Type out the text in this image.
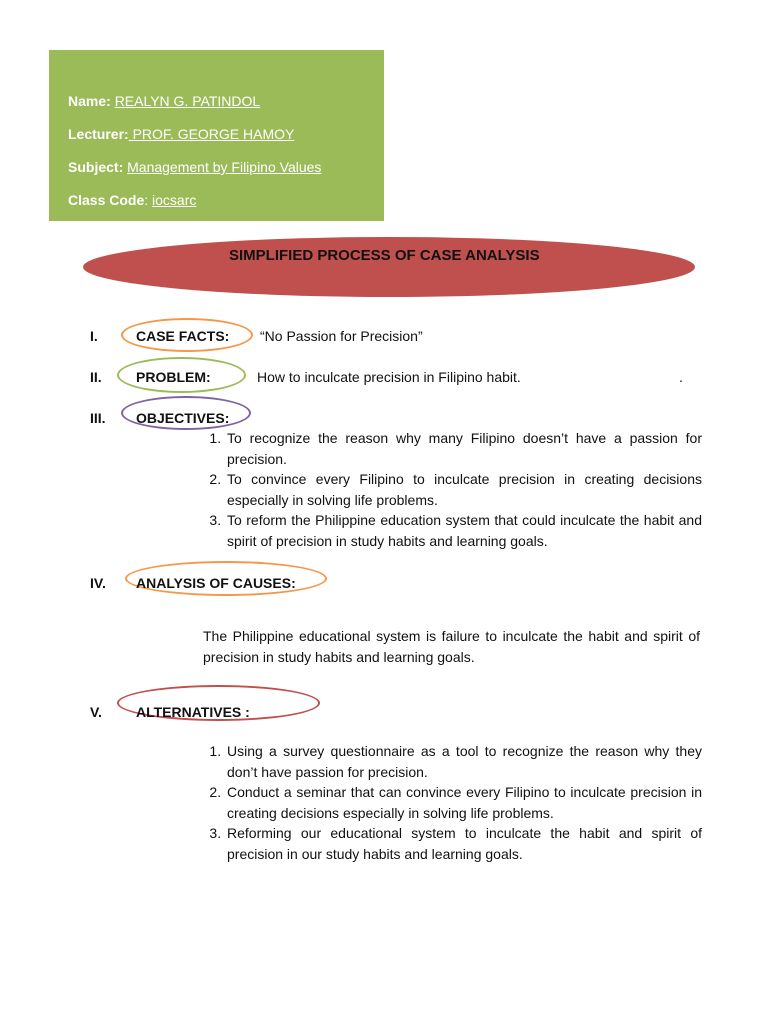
Name: REALYN G. PATINDOL
Lecturer: PROF. GEORGE HAMOY
Subject: Management by Filipino Values
Class Code: iocsarc
SIMPLIFIED PROCESS OF CASE ANALYSIS
I.	CASE FACTS: “No Passion for Precision”
II. PROBLEM:	How to inculcate precision in Filipino habit.	.
III. OBJECTIVES:
1. To recognize the reason why many Filipino doesn’t have a passion for precision.
2. To convince every Filipino to inculcate precision in creating decisions especially in solving life problems.
3. To reform the Philippine education system that could inculcate the habit and spirit of precision in study habits and learning goals.
IV. ANALYSIS OF CAUSES:
The Philippine educational system is failure to inculcate the habit and spirit of precision in study habits and learning goals.
V. ALTERNATIVES :
1. Using a survey questionnaire as a tool to recognize the reason why they don’t have passion for precision.
2. Conduct a seminar that can convince every Filipino to inculcate precision in creating decisions especially in solving life problems.
3. Reforming our educational system to inculcate the habit and spirit of precision in our study habits and learning goals.
